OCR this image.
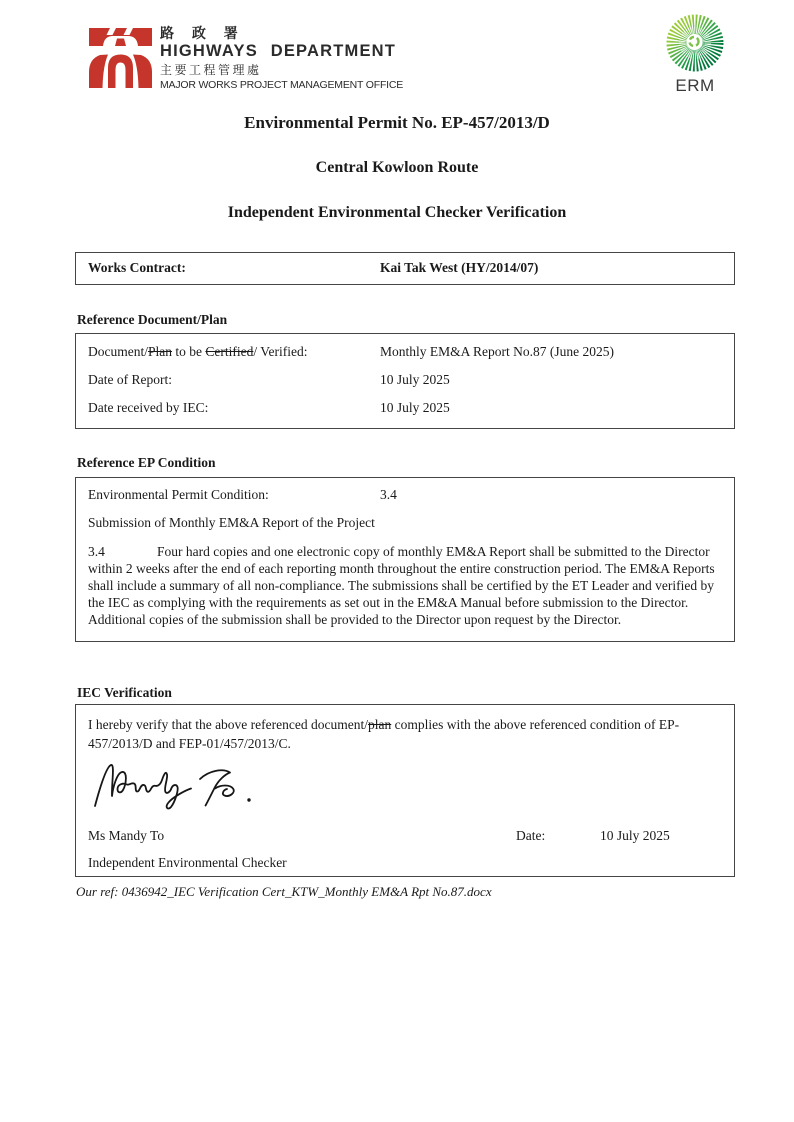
路 政 署
HIGHWAYS DEPARTMENT
主要工程管理處
MAJOR WORKS PROJECT MANAGEMENT OFFICE	ERM
Environmental Permit No. EP-457/2013/D
Central Kowloon Route
Independent Environmental Checker Verification
Works Contract:	Kai Tak West (HY/2014/07)
Reference Document/Plan
Document/Plan to be Certified/ Verified:	Monthly EM&A Report No.87 (June 2025)
Date of Report:	10 July 2025
Date received by IEC:	10 July 2025
Reference EP Condition
Environmental Permit Condition:	3.4
Submission of Monthly EM&A Report of the Project
3.4	Four hard copies and one electronic copy of monthly EM&A Report shall be submitted to the Director within 2 weeks after the end of each reporting month throughout the entire construction period. The EM&A Reports shall include a summary of all non-compliance. The submissions shall be certified by the ET Leader and verified by the IEC as complying with the requirements as set out in the EM&A Manual before submission to the Director. Additional copies of the submission shall be provided to the Director upon request by the Director.
IEC Verification
I hereby verify that the above referenced document/plan complies with the above referenced condition of EP-457/2013/D and FEP-01/457/2013/C.
Ms Mandy To	Date:	10 July 2025
Independent Environmental Checker
Our ref: 0436942_IEC Verification Cert_KTW_Monthly EM&A Rpt No.87.docx
